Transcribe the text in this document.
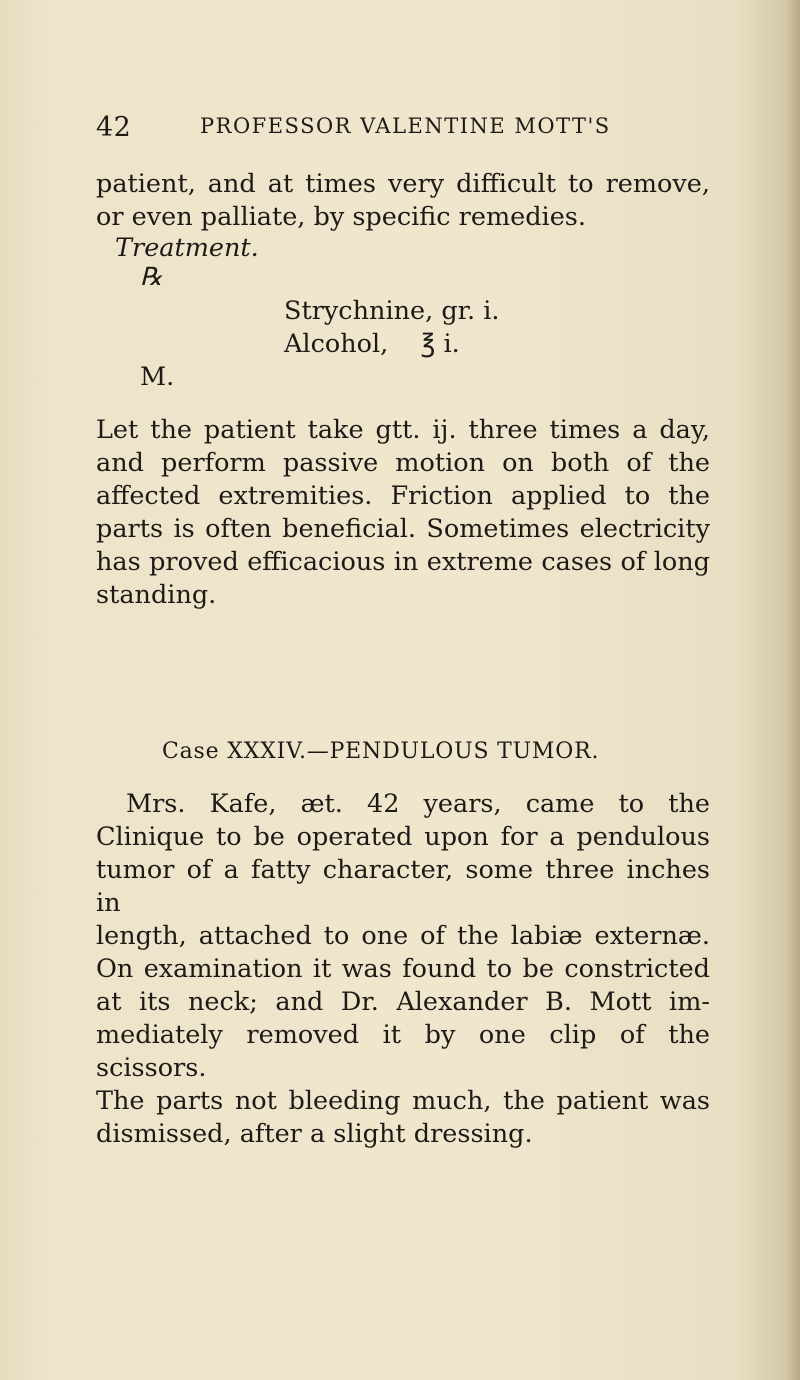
42	PROFESSOR VALENTINE MOTT'S
patient, and at times very difficult to remove,
or even palliate, by specific remedies.
Treatment.
℞
Strychnine, gr. i.
Alcohol,    ℥ i.
M.
Let the patient take gtt. ij. three times a day,
and perform passive motion on both of the
affected extremities. Friction applied to the
parts is often beneficial. Sometimes electricity
has proved efficacious in extreme cases of long
standing.
Case XXXIV.—PENDULOUS TUMOR.
Mrs. Kafe, æt. 42 years, came to the
Clinique to be operated upon for a pendulous
tumor of a fatty character, some three inches in
length, attached to one of the labiæ externæ.
On examination it was found to be constricted
at its neck; and Dr. Alexander B. Mott im-
mediately removed it by one clip of the scissors.
The parts not bleeding much, the patient was
dismissed, after a slight dressing.
